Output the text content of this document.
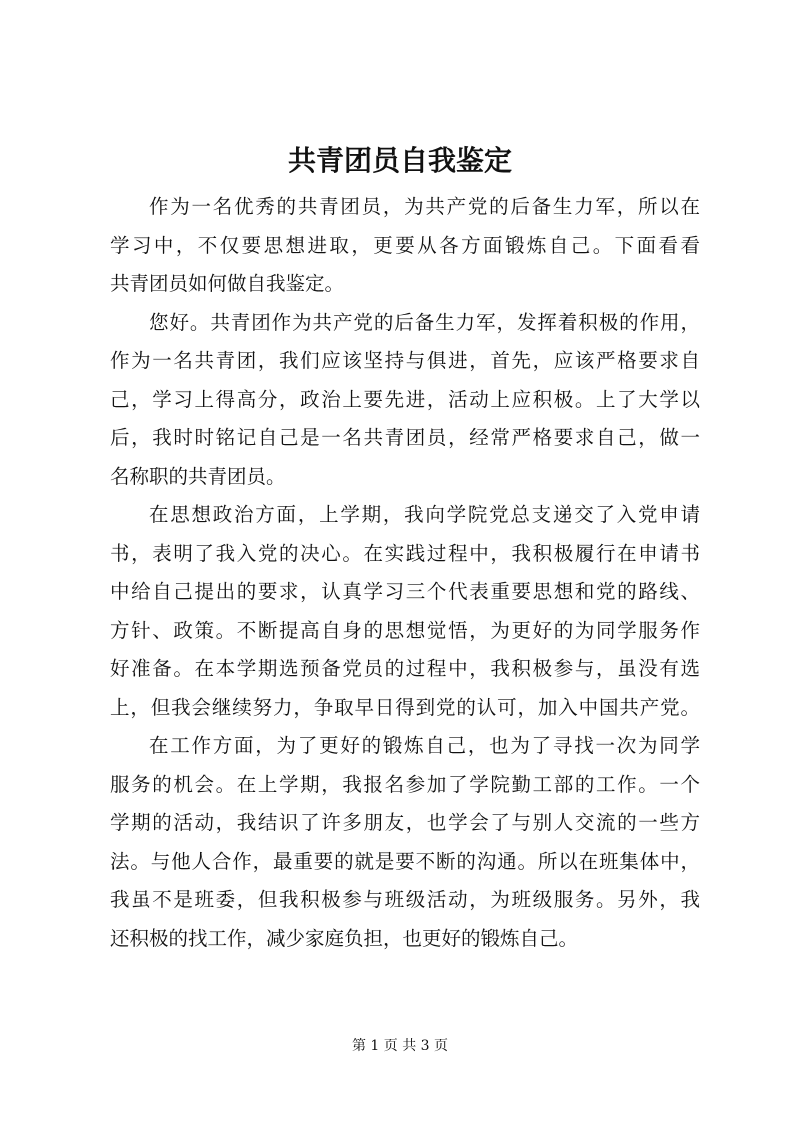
共青团员自我鉴定
作为一名优秀的共青团员，为共产党的后备生力军，所以在
学习中，不仅要思想进取，更要从各方面锻炼自己。下面看看
共青团员如何做自我鉴定。
您好。共青团作为共产党的后备生力军，发挥着积极的作用，
作为一名共青团，我们应该坚持与俱进，首先，应该严格要求自
己，学习上得高分，政治上要先进，活动上应积极。上了大学以
后，我时时铭记自己是一名共青团员，经常严格要求自己，做一
名称职的共青团员。
在思想政治方面，上学期，我向学院党总支递交了入党申请
书，表明了我入党的决心。在实践过程中，我积极履行在申请书
中给自己提出的要求，认真学习三个代表重要思想和党的路线、
方针、政策。不断提高自身的思想觉悟，为更好的为同学服务作
好准备。在本学期选预备党员的过程中，我积极参与，虽没有选
上，但我会继续努力，争取早日得到党的认可，加入中国共产党。
在工作方面，为了更好的锻炼自己，也为了寻找一次为同学
服务的机会。在上学期，我报名参加了学院勤工部的工作。一个
学期的活动，我结识了许多朋友，也学会了与别人交流的一些方
法。与他人合作，最重要的就是要不断的沟通。所以在班集体中，
我虽不是班委，但我积极参与班级活动，为班级服务。另外，我
还积极的找工作，减少家庭负担，也更好的锻炼自己。
第 1 页 共 3 页
